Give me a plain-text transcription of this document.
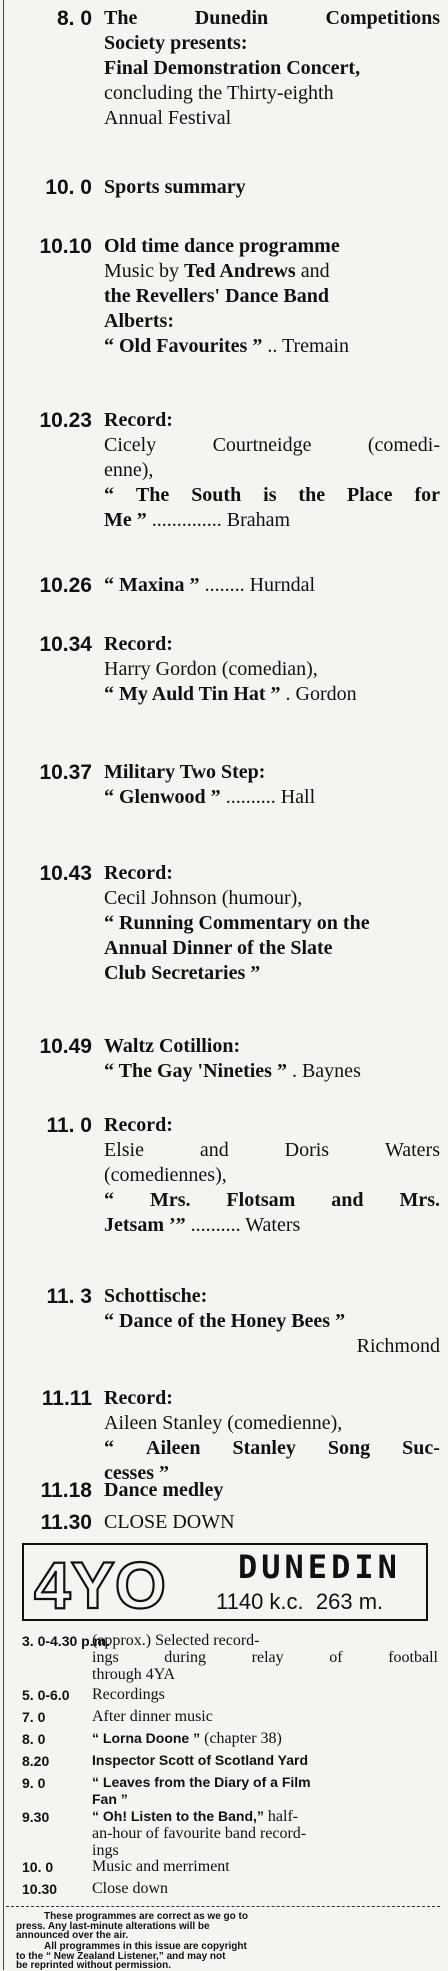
8. 0 The	Dunedin	Competitions
Society presents:
Final Demonstration Concert,
concluding the Thirty-eighth
Annual Festival
10. 0 Sports summary
10.10 Old time dance programme
Music by Ted Andrews and
the Revellers' Dance Band
Alberts:
“ Old Favourites ” .. Tremain
10.23 Record:
Cicely	Courtneidge	(comedi-
enne),
“ The South is the Place for
Me ” .............. Braham
10.26 “ Maxina ” ........ Hurndal
10.34 Record:
Harry Gordon (comedian),
“ My Auld Tin Hat ” . Gordon
10.37 Military Two Step:
“ Glenwood ” .......... Hall
10.43 Record:
Cecil Johnson (humour),
“ Running Commentary on the
Annual Dinner of the Slate
Club Secretaries ”
10.49 Waltz Cotillion:
“ The Gay 'Nineties ” . Baynes
11. 0 Record:
Elsie	and	Doris	Waters
(comediennes),
“ Mrs. Flotsam and Mrs.
Jetsam ’” .......... Waters
11. 3 Schottische:
“ Dance of the Honey Bees ”
Richmond
11.11 Record:
Aileen Stanley (comedienne),
“ Aileen Stanley Song Suc-
cesses ”
11.18 Dance medley
11.30 CLOSE DOWN
4YO DUNEDIN
1140 k.c. 263 m.
3. 0-4.30 p.m.
(approx.) Selected record-
ings	during	relay	of	football
through 4YA
5. 0-6.0 Recordings
7. 0	After dinner music
8. 0	“ Lorna Doone ” (chapter 38)
8.20	Inspector Scott of Scotland Yard
9. 0	“ Leaves from the Diary of a Film
Fan ”
9.30	“ Oh! Listen to the Band,” half-
an-hour of favourite band record-
ings
10. 0 Music and merriment
10.30 Close down
These programmes are correct as we go to
press. Any last-minute alterations will be
announced over the air.
All programmes in this issue are copyright
to the “ New Zealand Listener,” and may not
be reprinted without permission.
